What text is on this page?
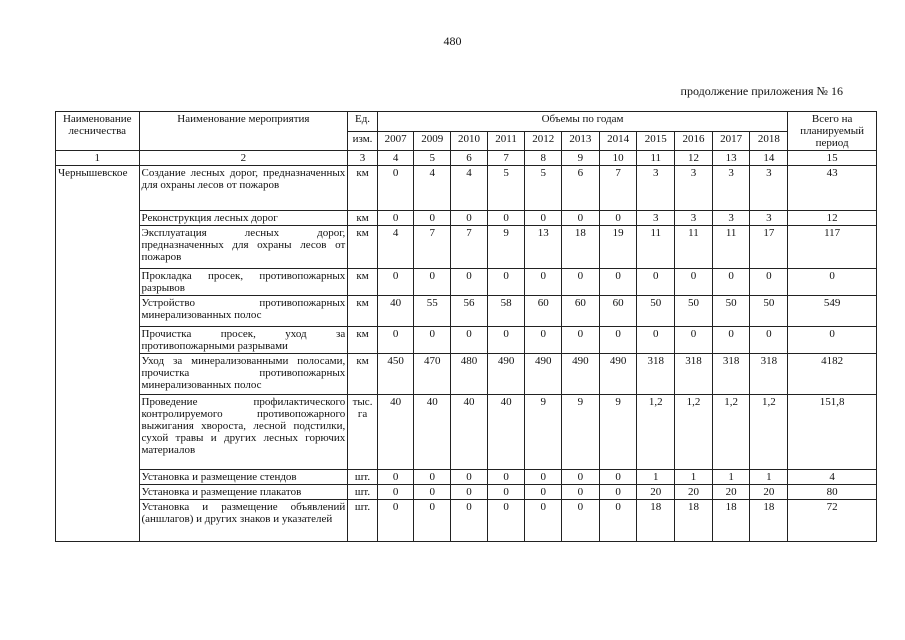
480
продолжение приложения № 16
Наименование лесничества	Наименование мероприятия	Ед.	Объемы по годам											Всего на планируемый период
		изм.	2007	2009	2010	2011	2012	2013	2014	2015	2016	2017	2018	
1	2	3	4	5	6	7	8	9	10	11	12	13	14	15
Чернышевское	Создание лесных дорог, предназначенных для охраны лесов от пожаров	км	0	4	4	5	5	6	7	3	3	3	3	43
	Реконструкция лесных дорог	км	0	0	0	0	0	0	0	3	3	3	3	12
	Эксплуатация лесных дорог, предназначенных для охраны лесов от пожаров	км	4	7	7	9	13	18	19	11	11	11	17	117
	Прокладка просек, противопожарных разрывов	км	0	0	0	0	0	0	0	0	0	0	0	0
	Устройство противопожарных минерализованных полос	км	40	55	56	58	60	60	60	50	50	50	50	549
	Прочистка просек, уход за противопожарными разрывами	км	0	0	0	0	0	0	0	0	0	0	0	0
	Уход за минерализованными полосами, прочистка противопожарных минерализованных полос	км	450	470	480	490	490	490	490	318	318	318	318	4182
	Проведение профилактического контролируемого противопожарного выжигания хвороста, лесной подстилки, сухой травы и других лесных горючих материалов	тыс. га	40	40	40	40	9	9	9	1,2	1,2	1,2	1,2	151,8
	Установка и размещение стендов	шт.	0	0	0	0	0	0	0	1	1	1	1	4
	Установка и размещение плакатов	шт.	0	0	0	0	0	0	0	20	20	20	20	80
	Установка и размещение объявлений (аншлагов) и других знаков и указателей	шт.	0	0	0	0	0	0	0	18	18	18	18	72
